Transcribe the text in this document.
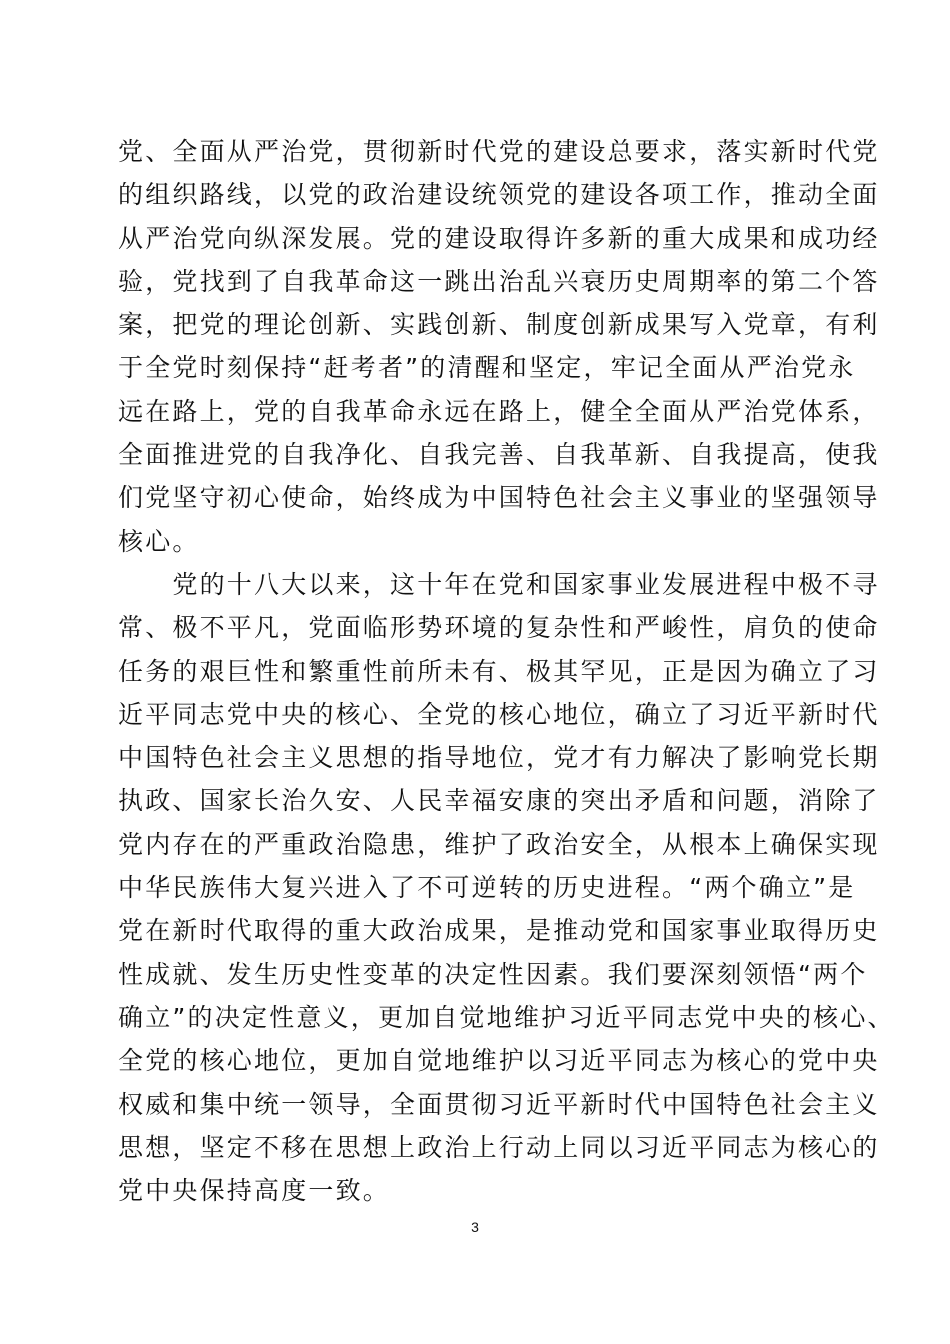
党、全面从严治党，贯彻新时代党的建设总要求，落实新时代党
的组织路线，以党的政治建设统领党的建设各项工作，推动全面
从严治党向纵深发展。党的建设取得许多新的重大成果和成功经
验，党找到了自我革命这一跳出治乱兴衰历史周期率的第二个答
案，把党的理论创新、实践创新、制度创新成果写入党章，有利
于全党时刻保持“赶考者”的清醒和坚定，牢记全面从严治党永
远在路上，党的自我革命永远在路上，健全全面从严治党体系，
全面推进党的自我净化、自我完善、自我革新、自我提高，使我
们党坚守初心使命，始终成为中国特色社会主义事业的坚强领导
核心。
　　党的十八大以来，这十年在党和国家事业发展进程中极不寻
常、极不平凡，党面临形势环境的复杂性和严峻性，肩负的使命
任务的艰巨性和繁重性前所未有、极其罕见，正是因为确立了习
近平同志党中央的核心、全党的核心地位，确立了习近平新时代
中国特色社会主义思想的指导地位，党才有力解决了影响党长期
执政、国家长治久安、人民幸福安康的突出矛盾和问题，消除了
党内存在的严重政治隐患，维护了政治安全，从根本上确保实现
中华民族伟大复兴进入了不可逆转的历史进程。“两个确立”是
党在新时代取得的重大政治成果，是推动党和国家事业取得历史
性成就、发生历史性变革的决定性因素。我们要深刻领悟“两个
确立”的决定性意义，更加自觉地维护习近平同志党中央的核心、
全党的核心地位，更加自觉地维护以习近平同志为核心的党中央
权威和集中统一领导，全面贯彻习近平新时代中国特色社会主义
思想，坚定不移在思想上政治上行动上同以习近平同志为核心的
党中央保持高度一致。
3
